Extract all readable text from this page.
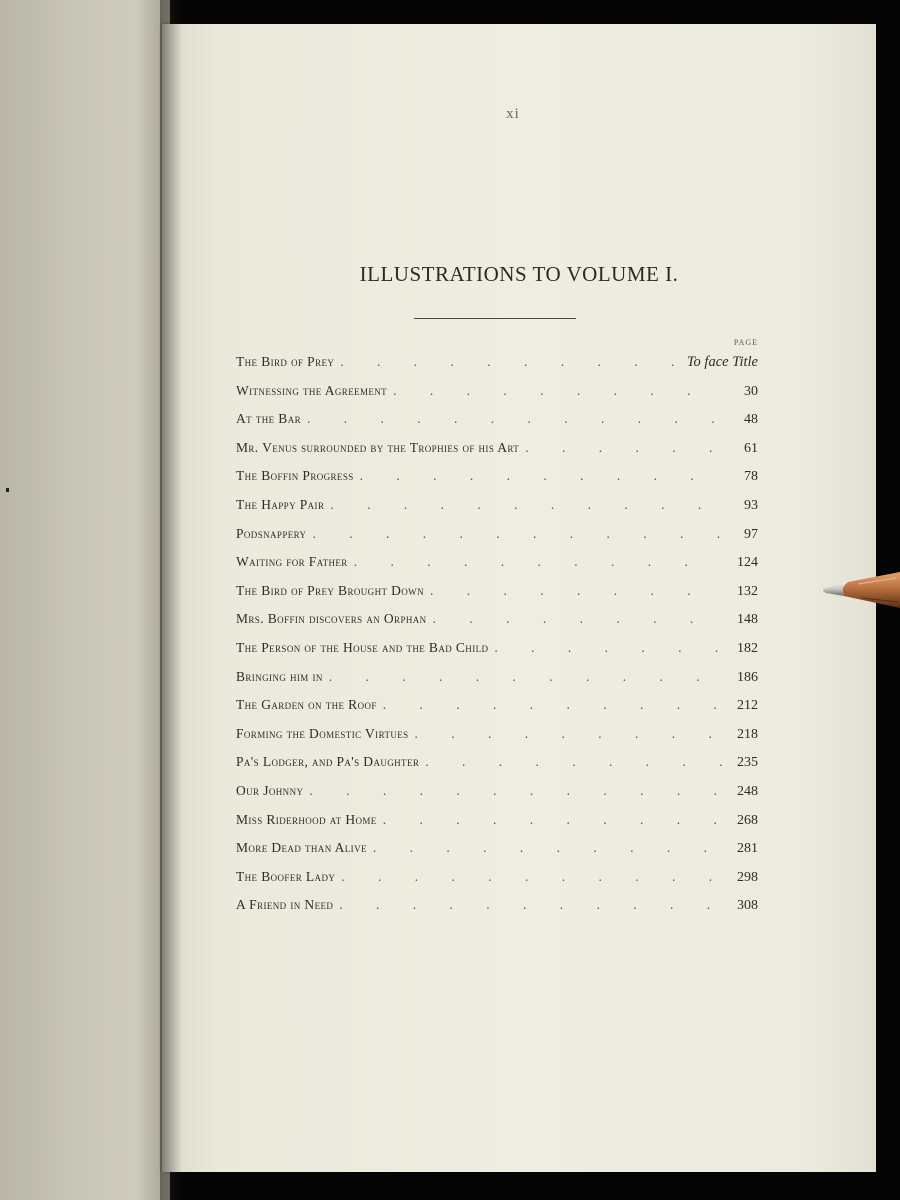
xi
ILLUSTRATIONS TO VOLUME I.
PAGE
The Bird of Prey . . .	To face Title
Witnessing the Agreement . . .	30
At the Bar . . .	48
Mr. Venus surrounded by the Trophies of his Art . . .	61
The Boffin Progress . . .	78
The Happy Pair . . .	93
Podsnappery . . .	97
Waiting for Father . . .	124
The Bird of Prey Brought Down . . .	132
Mrs. Boffin discovers an Orphan . . .	148
The Person of the House and the Bad Child . . .	182
Bringing him in . . .	186
The Garden on the Roof . . .	212
Forming the Domestic Virtues . . .	218
Pa's Lodger, and Pa's Daughter . . .	235
Our Johnny . . .	248
Miss Riderhood at Home . . .	268
More Dead than Alive . . .	281
The Boofer Lady . . .	298
A Friend in Need . . .	308
